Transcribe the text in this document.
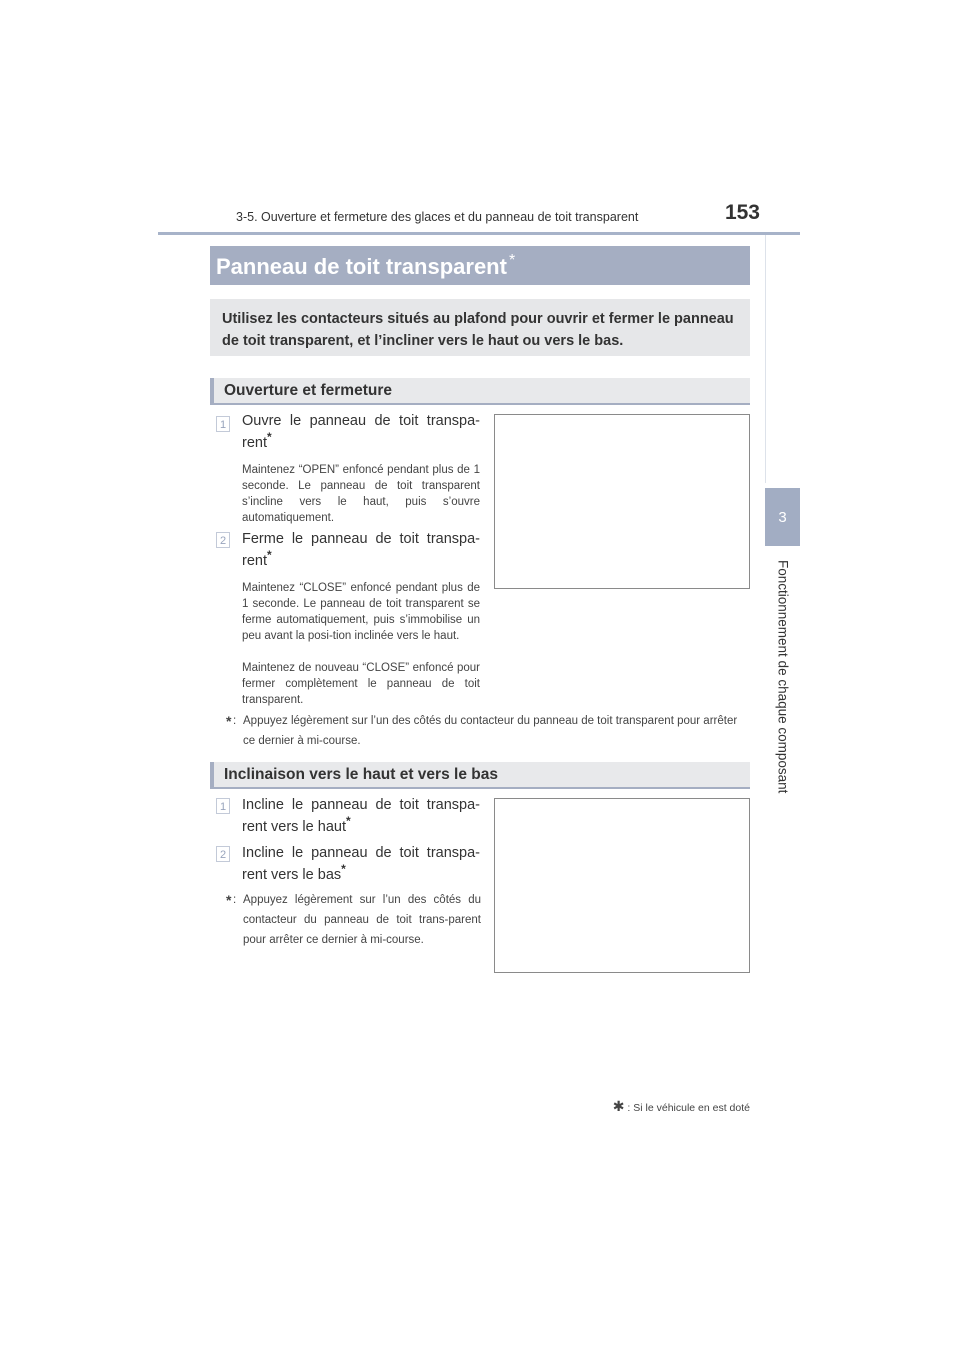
3-5. Ouverture et fermeture des glaces et du panneau de toit transparent	153
3
Fonctionnement de chaque composant
Panneau de toit transparent *
Utilisez les contacteurs situés au plafond pour ouvrir et fermer le panneau de toit transparent, et l’incliner vers le haut ou vers le bas.
Ouverture et fermeture
1 Ouvre le panneau de toit transpa-rent*
Maintenez “OPEN” enfoncé pendant plus de 1 seconde. Le panneau de toit transparent s’incline vers le haut, puis s’ouvre automatiquement.
2 Ferme le panneau de toit transpa-rent*
Maintenez “CLOSE” enfoncé pendant plus de 1 seconde. Le panneau de toit transparent se ferme automatiquement, puis s’immobilise un peu avant la posi-tion inclinée vers le haut.
Maintenez de nouveau “CLOSE” enfoncé pour fermer complètement le panneau de toit transparent.
* : Appuyez légèrement sur l’un des côtés du contacteur du panneau de toit transparent pour arrêter ce dernier à mi-course.
Inclinaison vers le haut et vers le bas
1 Incline le panneau de toit transpa-rent vers le haut*
2 Incline le panneau de toit transpa-rent vers le bas*
* : Appuyez légèrement sur l’un des côtés du contacteur du panneau de toit trans-parent pour arrêter ce dernier à mi-course.
✱ : Si le véhicule en est doté
